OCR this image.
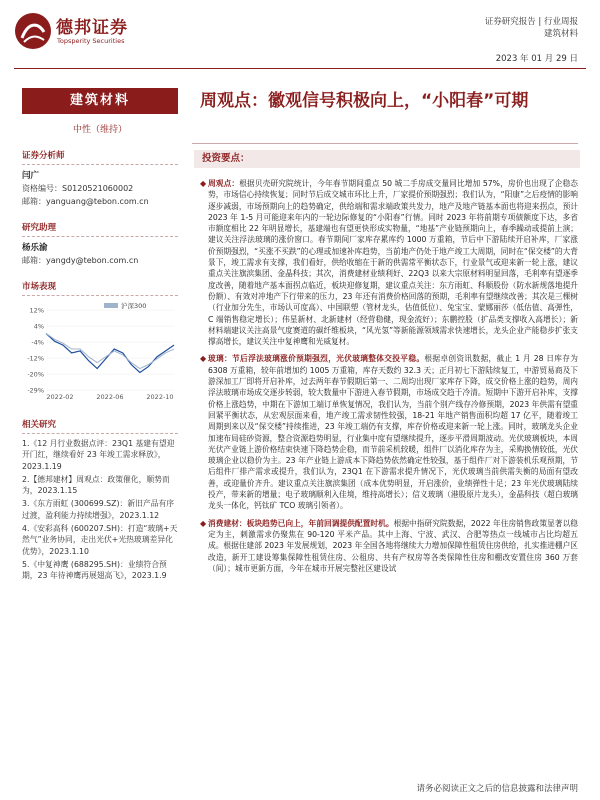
德邦证券
Topsperity Securities
证券研究报告 | 行业周报
建筑材料
2023 年 01 月 29 日
建筑材料
中性（维持）
证券分析师
闫广
资格编号：S0120521060002
邮箱：yanguang@tebon.com.cn
研究助理
杨乐渝
邮箱：yangdy@tebon.com.cn
市场表现
12%
4%
-4%
-12%
-20%
-29%
2022-02	2022-06	2022-10
沪深300
相关研究
1.《12 月行业数据点评：23Q1 基建有望迎开门红，继续看好 23 年竣工需求释放》，2023.1.19
2.【德邦建材】周观点：政策催化，顺势而为，2023.1.15
3.《东方雨虹 (300699.SZ)：新旧产品有序过渡，盈利能力持续增强》，2023.1.12
4.《安彩高科 (600207.SH)：打造“玻璃+天然气”业务协同，走出光伏+光热玻璃差异化优势》，2023.1.10
5.《中复神鹰 (688295.SH)：业绩符合预期，23 年待神鹰再展翅高飞》，2023.1.9
周观点：徽观信号积极向上，“小阳春”可期
投资要点：
◆ 周观点：根据贝壳研究院统计，今年春节期间重点 50 城二手房成交量同比增加 57%，房价也出现了企稳态势，市场信心持续恢复；同时节后成交城市环比上升，厂家提价预期强烈；我们认为，“阳康”之后疫情的影响逐步减弱，市场预期向上的趋势确定，供给端和需求端政策共发力，地产及地产链基本面也将迎来拐点，预计 2023 年 1-5 月可能迎来年内的一轮边际修复的“小阳春”行情。同时 2023 年将前期专项债额度下达，多省市额度相比 22 年明显增长，基建端也有望更快形成实物量，“地基”产业链预期向上，春季躁动或提前上演；建议关注浮法玻璃的涨价窗口。春节期间厂家库存累库约 1000 万重箱，节后中下游陆续开启补库，厂家涨价预期强烈，“买涨不买跌”的心理或加速补库趋势，当前地产仍处于地产竣工大周期，同时在“保交楼”的大背景下，竣工需求有支撑，我们看好，供给收缩在于新的供需常平衡状态下，行业景气或迎来新一轮上涨，建议重点关注旗滨集团、金晶科技；其次，消费建材业绩利好、22Q3 以来大宗原材料明显回落，毛利率有望逐季度改善，随着地产基本面拐点临近，板块迎修复期，建议重点关注：东方雨虹、科顺股份（防水新规落地提升份额）、有效对冲地产下行带来的压力，23 年还有消费价格回落的预期，毛利率有望继续改善；其次是三棵树（行业加分先生，市场认可度高）、中国联塑（管材龙头，估值低位）、兔宝宝、蒙娜丽莎（低估值、高弹性，C 端销售稳定增长）；伟星新材、北新建材（经营稳健，现金流好）；东鹏控股（扩品类支撑收入高增长）；新材料端建议关注高景气度赛道的碳纤维板块，“风光氢”等新能源领域需求快速增长，龙头企业产能稳步扩张支撑高增长，建议关注中复神鹰和光威复材。

◆ 玻璃：节后浮法玻璃涨价预期强烈，光伏玻璃整体交投平稳。根据卓创资讯数据，截止 1 月 28 日库存为 6308 万重箱，较年前增加约 1005 万重箱，库存天数约 32.3 天；正月初七下游陆续复工，中游贸易商及下游深加工厂即将开启补库，过去两年春节假期后第一、二周均出现厂家库存下降，成交价格上涨的趋势，周内浮法玻璃市场成交逐步转弱，较大数量中下游进入春节假期，市场成交趋于冷清。短期中下游开启补库，支撑价格上涨趋势，中期在下游加工端订单恢复情况，我们认为，当前个别产线存冷修预期，2023 年供需有望重回紧平衡状态，从宏观层面来看，地产竣工需求韧性较强，18-21 年地产销售面积均超 17 亿平，随着竣工周期到来以及“保交楼”持续推进，23 年竣工端仍有支撑，库存价格或迎来新一轮上涨。同时，玻璃龙头企业加速布局硅砂资源，整合资源趋势明显，行业集中度有望继续提升，逐步平滑周期波动。光伏玻璃板块，本周光伏产业链上游价格结束快速下降趋势企稳，而节前采机较暖，组件厂以消化库存为主，采购换情较低，光伏玻璃企业以稳价为主。23 年产业链上游成本下降趋势依然确定性较强，基于组件厂对下游装机乐观预期，节后组件厂排产需求或提升，我们认为，23Q1 在下游需求提升情况下，光伏玻璃当前供需失衡的局面有望改善，或迎量价齐升。建议重点关注旗滨集团（成本优势明显，开启涨价，业绩弹性十足；23 年光伏玻璃陆续投产，带来新的增量；电子玻璃顺利入佳境，维持高增长）；信义玻璃（港股原片龙头），金晶科技（超白玻璃龙头一体化，钙钛矿 TCO 玻璃引领者）。

◆ 消费建材：板块趋势已向上，年前回调提供配置时机。根据中指研究院数据，2022 年住房销售政策显著以稳定为主，刺激需求仍聚焦在 90-120 平米产品。其中上海、宁波、武汉、合肥等热点一线城市占比均超五成。根据住建部 2023 年发展规划，2023 年全国各地将继续大力增加保障性租赁住房供给，扎实推进棚户区改造，新开工建设筹集保障性租赁住房、公租房、共有产权房等各类保障性住房和棚改安置住房 360 万套（间）；城市更新方面，今年在城市开展完整社区建设试

请务必阅读正文之后的信息披露和法律声明
